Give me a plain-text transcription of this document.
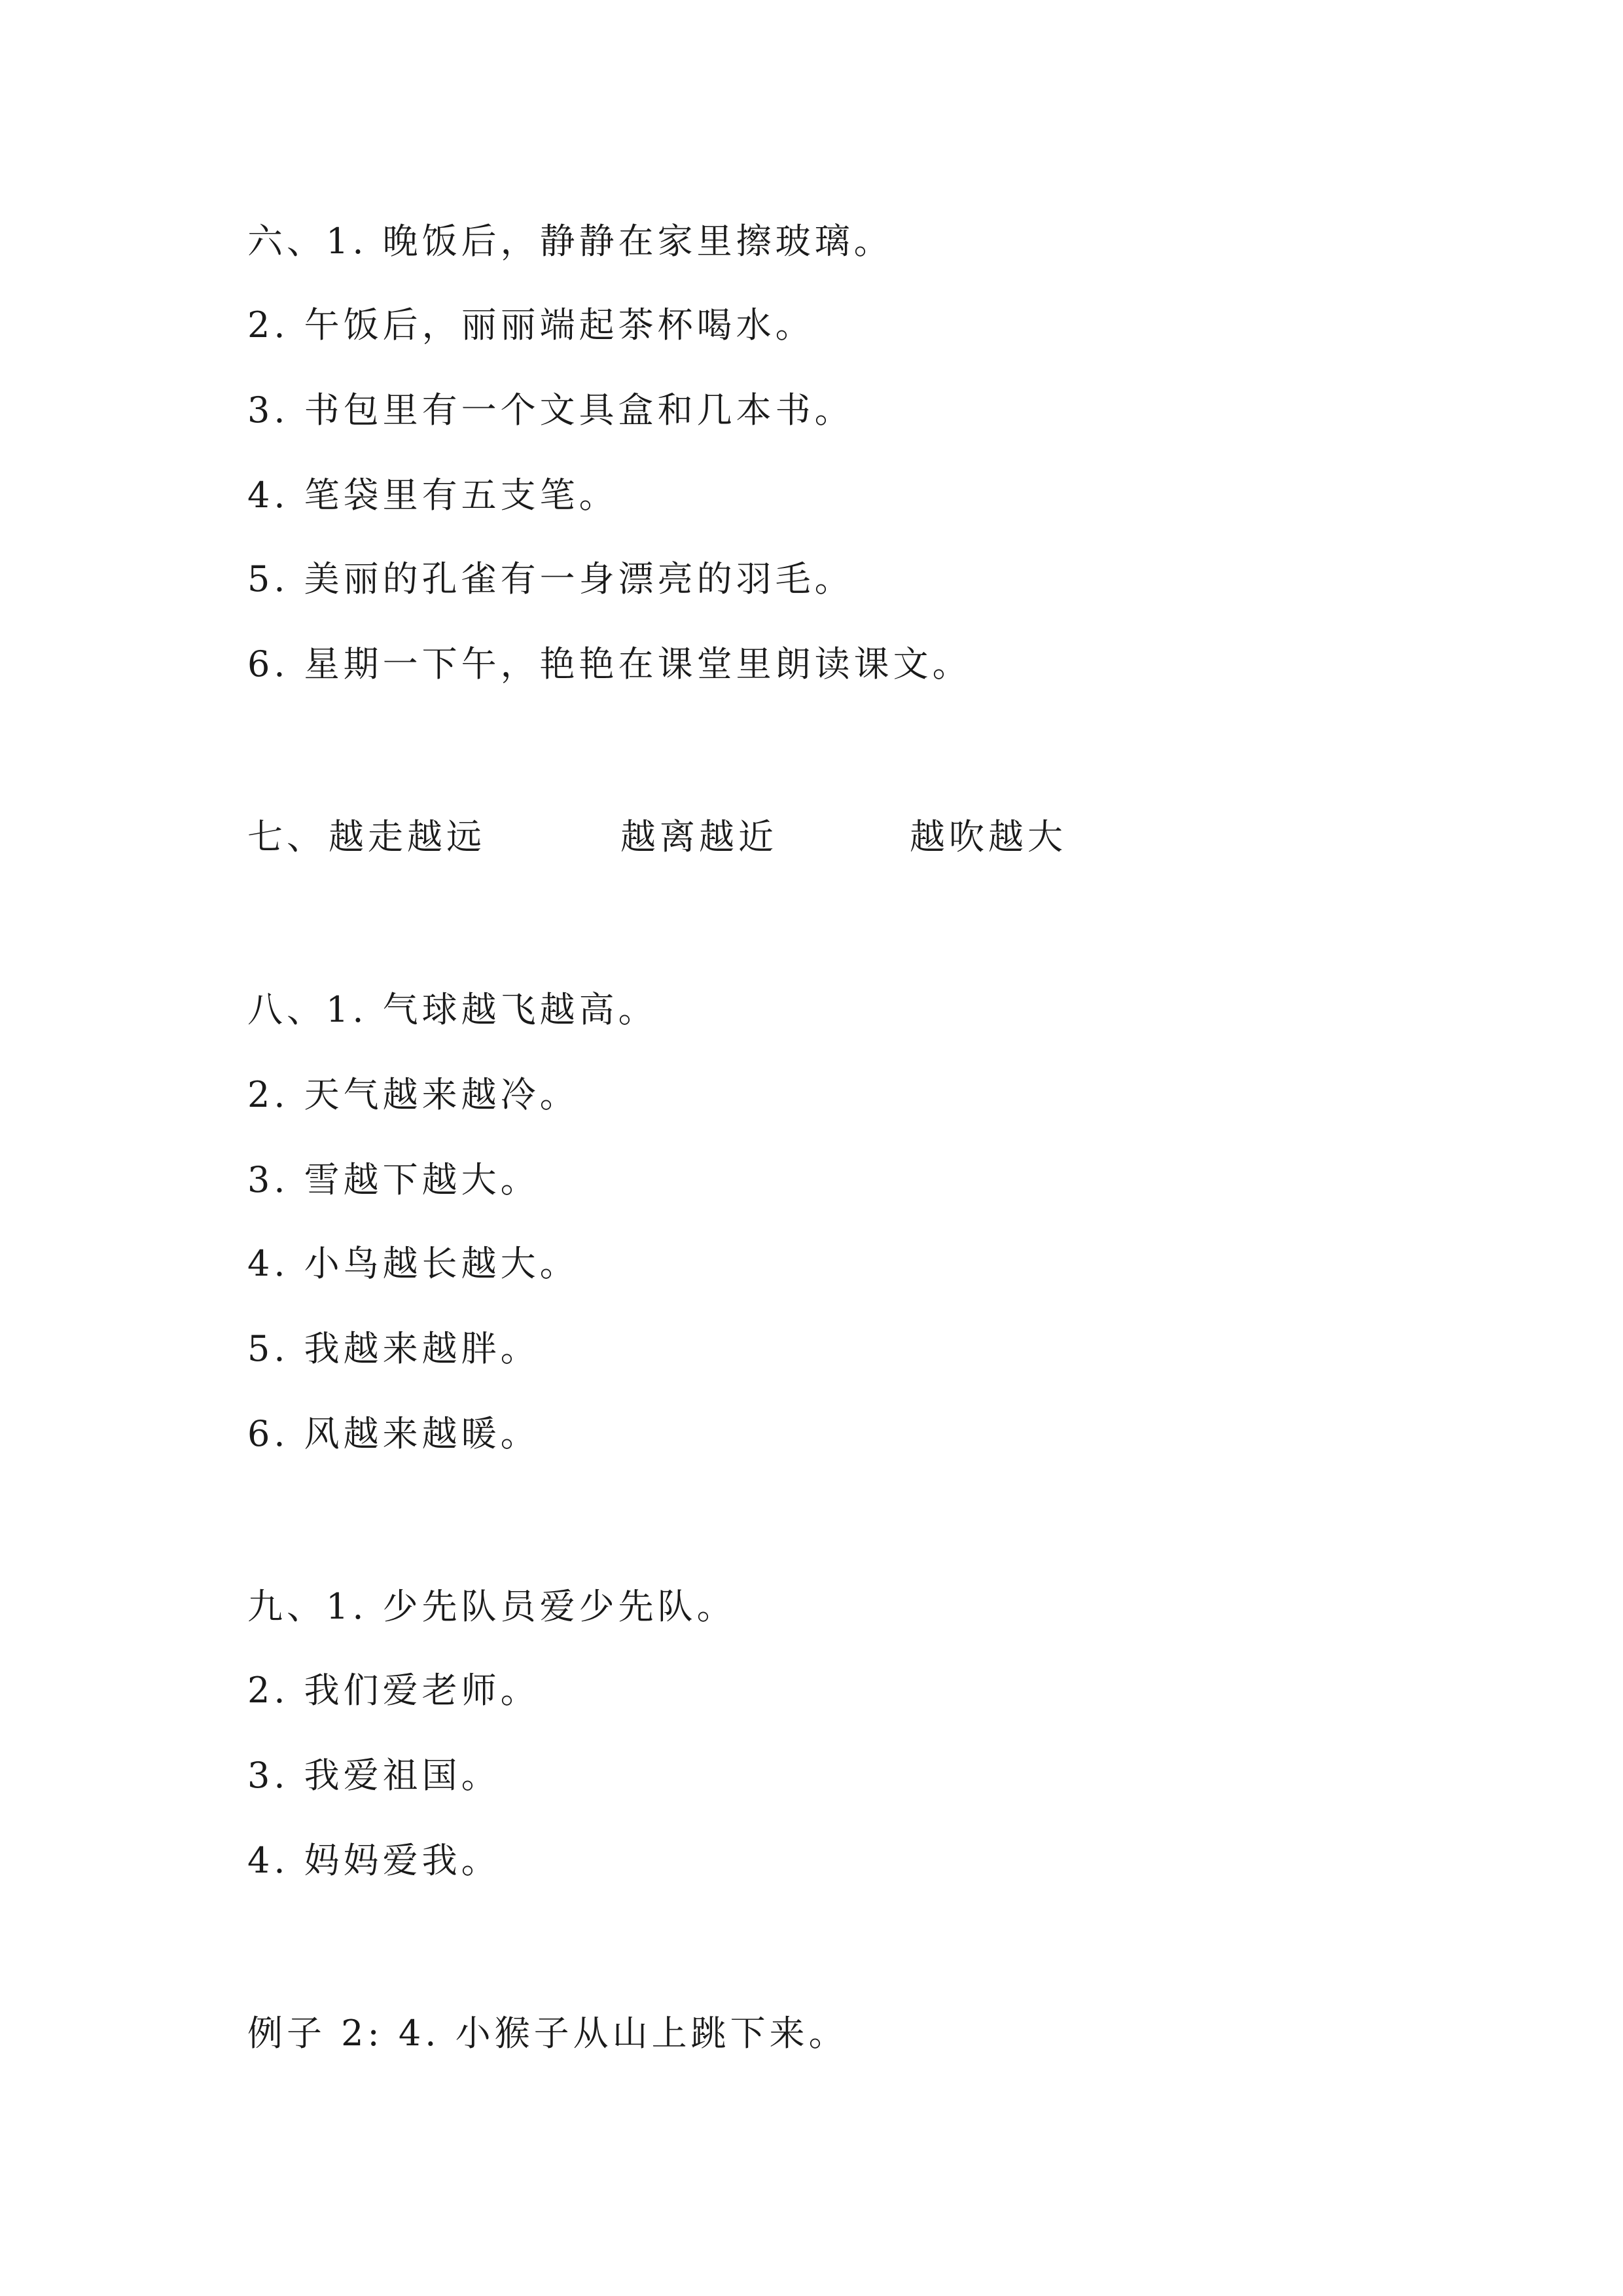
六、1. 晚饭后，静静在家里擦玻璃。
2. 午饭后，丽丽端起茶杯喝水。
3. 书包里有一个文具盒和几本书。
4. 笔袋里有五支笔。
5. 美丽的孔雀有一身漂亮的羽毛。
6. 星期一下午，艳艳在课堂里朗读课文。
七、 越走越远	越离越近	越吹越大
八、1. 气球越飞越高。
2. 天气越来越冷。
3. 雪越下越大。
4. 小鸟越长越大。
5. 我越来越胖。
6. 风越来越暖。
九、1. 少先队员爱少先队。
2. 我们爱老师。
3. 我爱祖国。
4. 妈妈爱我。
例子 2: 4. 小猴子从山上跳下来。
